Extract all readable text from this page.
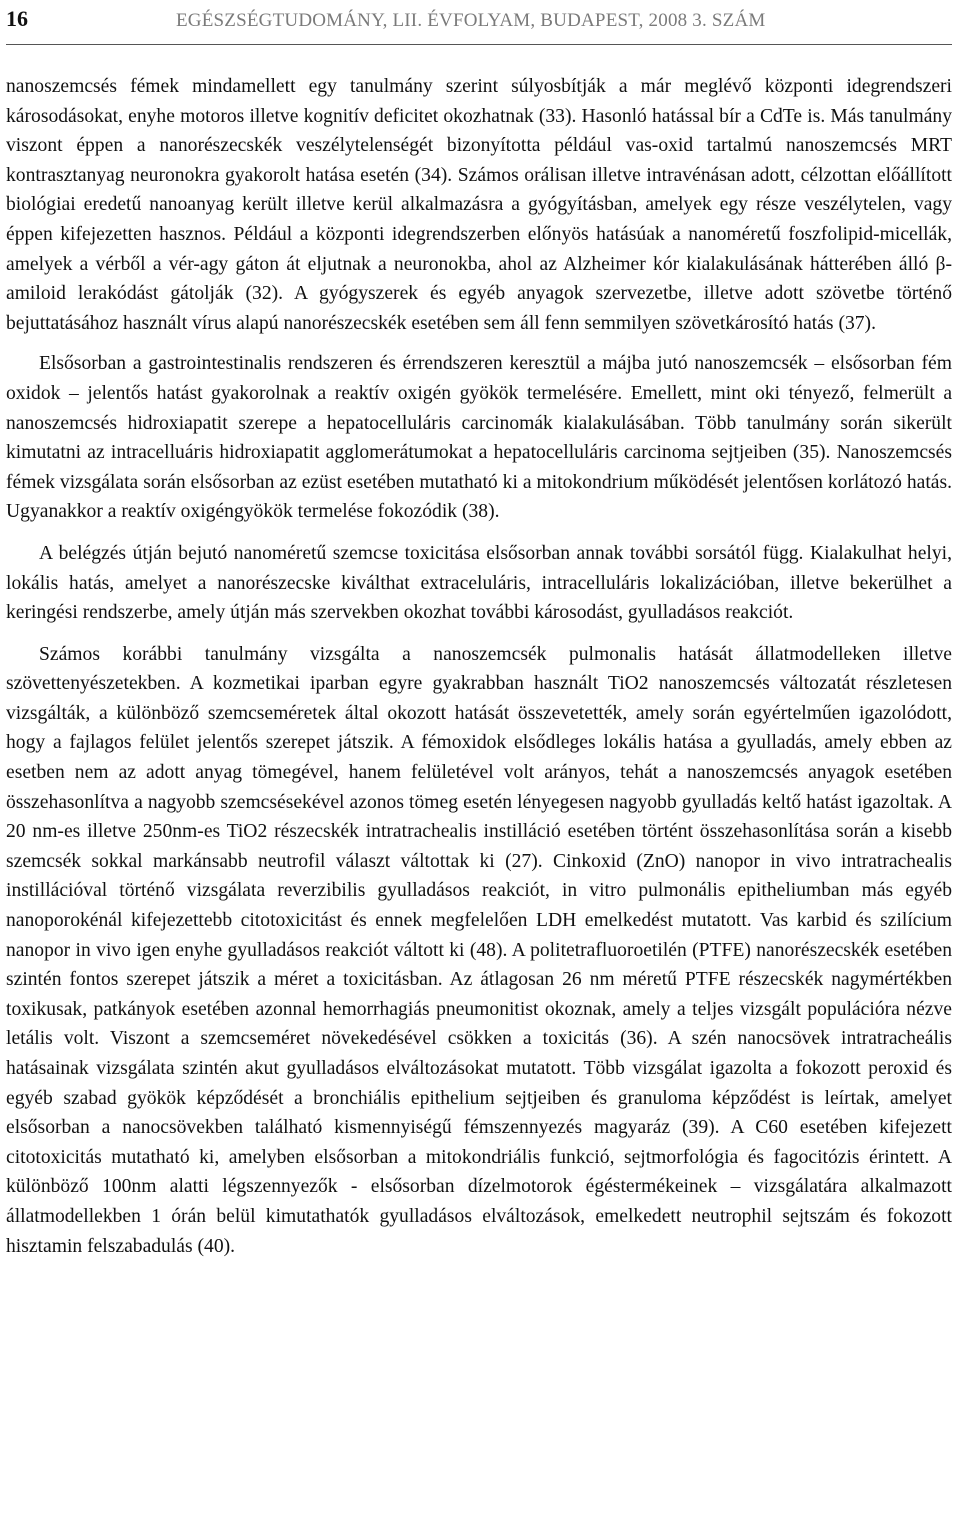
16	EGÉSZSÉGTUDOMÁNY, LII. ÉVFOLYAM, BUDAPEST, 2008 3. SZÁM

nanoszemcsés fémek mindamellett egy tanulmány szerint súlyosbítják a már meglévő központi idegrendszeri károsodásokat, enyhe motoros illetve kognitív deficitet okozhatnak (33). Hasonló hatással bír a CdTe is. Más tanulmány viszont éppen a nanorészecskék veszélytelenségét bizonyította például vas-oxid tartalmú nanoszemcsés MRT kontrasztanyag neuronokra gyakorolt hatása esetén (34). Számos orálisan illetve intravénásan adott, célzottan előállított biológiai eredetű nanoanyag került illetve kerül alkalmazásra a gyógyításban, amelyek egy része veszélytelen, vagy éppen kifejezetten hasznos. Például a központi idegrendszerben előnyös hatásúak a nanoméretű foszfolipid-micellák, amelyek a vérből a vér-agy gáton át eljutnak a neuronokba, ahol az Alzheimer kór kialakulásának hátterében álló β-amiloid lerakódást gátolják (32). A gyógyszerek és egyéb anyagok szervezetbe, illetve adott szövetbe történő bejuttatásához használt vírus alapú nanorészecskék esetében sem áll fenn semmilyen szövetkárosító hatás (37).

Elsősorban a gastrointestinalis rendszeren és érrendszeren keresztül a májba jutó nanoszemcsék – elsősorban fém oxidok – jelentős hatást gyakorolnak a reaktív oxigén gyökök termelésére. Emellett, mint oki tényező, felmerült a nanoszemcsés hidroxiapatit szerepe a hepatocelluláris carcinomák kialakulásában. Több tanulmány során sikerült kimutatni az intracelluáris hidroxiapatit agglomerátumokat a hepatocelluláris carcinoma sejtjeiben (35). Nanoszemcsés fémek vizsgálata során elsősorban az ezüst esetében mutatható ki a mitokondrium működését jelentősen korlátozó hatás.Ugyanakkor a reaktív oxigéngyökök termelése fokozódik (38).

A belégzés útján bejutó nanoméretű szemcse toxicitása elsősorban annak további sorsától függ. Kialakulhat helyi, lokális hatás, amelyet a nanorészecske kiválthat extraceluláris, intracelluláris lokalizációban, illetve bekerülhet a keringési rendszerbe, amely útján más szervekben okozhat további károsodást, gyulladásos reakciót.

Számos korábbi tanulmány vizsgálta a nanoszemcsék pulmonalis hatását állatmodelleken illetve szövettenyészetekben. A kozmetikai iparban egyre gyakrabban használt TiO2 nanoszemcsés változatát részletesen vizsgálták, a különböző szemcseméretek által okozott hatását összevetették, amely során egyértelműen igazolódott, hogy a fajlagos felület jelentős szerepet játszik. A fémoxidok elsődleges lokális hatása a gyulladás, amely ebben az esetben nem az adott anyag tömegével, hanem felületével volt arányos, tehát a nanoszemcsés anyagok esetében összehasonlítva a nagyobb szemcsésekével azonos tömeg esetén lényegesen nagyobb gyulladás keltő hatást igazoltak. A 20 nm-es illetve 250nm-es TiO2 részecskék intratrachealis instilláció esetében történt összehasonlítása során a kisebb szemcsék sokkal markánsabb neutrofil választ váltottak ki (27). Cinkoxid (ZnO) nanopor in vivo intratrachealis instillációval történő vizsgálata reverzibilis gyulladásos reakciót, in vitro pulmonális epitheliumban más egyéb nanoporokénál kifejezettebb citotoxicitást és ennek megfelelően LDH emelkedést mutatott. Vas karbid és szilícium nanopor in vivo igen enyhe gyulladásos reakciót váltott ki (48). A politetrafluoroetilén (PTFE) nanorészecskék esetében szintén fontos szerepet játszik a méret a toxicitásban. Az átlagosan 26 nm méretű PTFE részecskék nagymértékben toxikusak, patkányok esetében azonnal hemorrhagiás pneumonitist okoznak, amely a teljes vizsgált populációra nézve letális volt. Viszont a szemcseméret növekedésével csökken a toxicitás (36). A szén nanocsövek intratracheális hatásainak vizsgálata szintén akut gyulladásos elváltozásokat mutatott. Több vizsgálat igazolta a fokozott peroxid és egyéb szabad gyökök képződését a bronchiális epithelium sejtjeiben és granuloma képződést is leírtak, amelyet elsősorban a nanocsövekben található kismennyiségű fémszennyezés magyaráz (39). A C60 esetében kifejezett citotoxicitás mutatható ki, amelyben elsősorban a mitokondriális funkció, sejtmorfológia és fagocitózis érintett. A különböző 100nm alatti légszennyezők - elsősorban dízelmotorok égéstermékeinek – vizsgálatára alkalmazott állatmodellekben 1 órán belül kimutathatók gyulladásos elváltozások, emelkedett neutrophil sejtszám és fokozott hisztamin felszabadulás (40).
